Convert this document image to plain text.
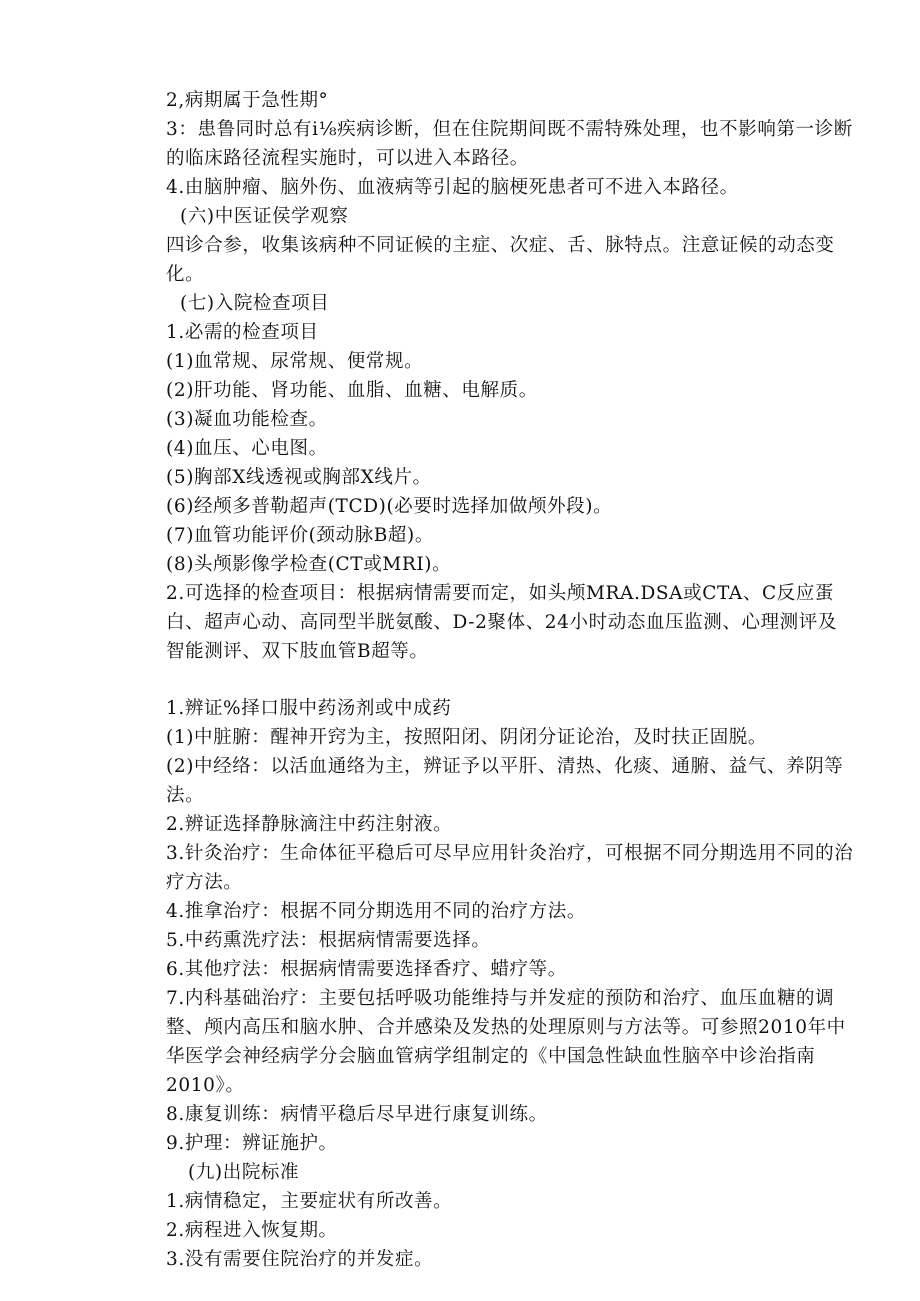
2,病期属于急性期°

3：患鲁同时总有i⅛疾病诊断，但在住院期间既不需特殊处理，也不影响第一诊断的临床路径流程实施时，可以进入本路径。

4.由脑肿瘤、脑外伤、血液病等引起的脑梗死患者可不进入本路径。

(六)中医证侯学观察

四诊合参，收集该病种不同证候的主症、次症、舌、脉特点。注意证候的动态变化。

(七)入院检查项目

1.必需的检查项目

(1)血常规、尿常规、便常规。

(2)肝功能、肾功能、血脂、血糖、电解质。

(3)凝血功能检查。

(4)血压、心电图。

(5)胸部X线透视或胸部X线片。

(6)经颅多普勒超声(TCD)(必要时选择加做颅外段)。

(7)血管功能评价(颈动脉B超)。

(8)头颅影像学检查(CT或MRI)。

2.可选择的检查项目：根据病情需要而定，如头颅MRA.DSA或CTA、C反应蛋白、超声心动、高同型半胱氨酸、D-2聚体、24小时动态血压监测、心理测评及智能测评、双下肢血管B超等。

1.辨证%择口服中药汤剂或中成药

(1)中脏腑：醒神开窍为主，按照阳闭、阴闭分证论治，及时扶正固脱。

(2)中经络：以活血通络为主，辨证予以平肝、清热、化痰、通腑、益气、养阴等法。

2.辨证选择静脉滴注中药注射液。

3.针灸治疗：生命体征平稳后可尽早应用针灸治疗，可根据不同分期选用不同的治疗方法。

4.推拿治疗：根据不同分期选用不同的治疗方法。

5.中药熏洗疗法：根据病情需要选择。

6.其他疗法：根据病情需要选择香疗、蜡疗等。

7.内科基础治疗：主要包括呼吸功能维持与并发症的预防和治疗、血压血糖的调整、颅内高压和脑水肿、合并感染及发热的处理原则与方法等。可参照2010年中华医学会神经病学分会脑血管病学组制定的《中国急性缺血性脑卒中诊治指南2010》。

8.康复训练：病情平稳后尽早进行康复训练。

9.护理：辨证施护。

(九)出院标准

1.病情稳定，主要症状有所改善。

2.病程进入恢复期。

3.没有需要住院治疗的并发症。
